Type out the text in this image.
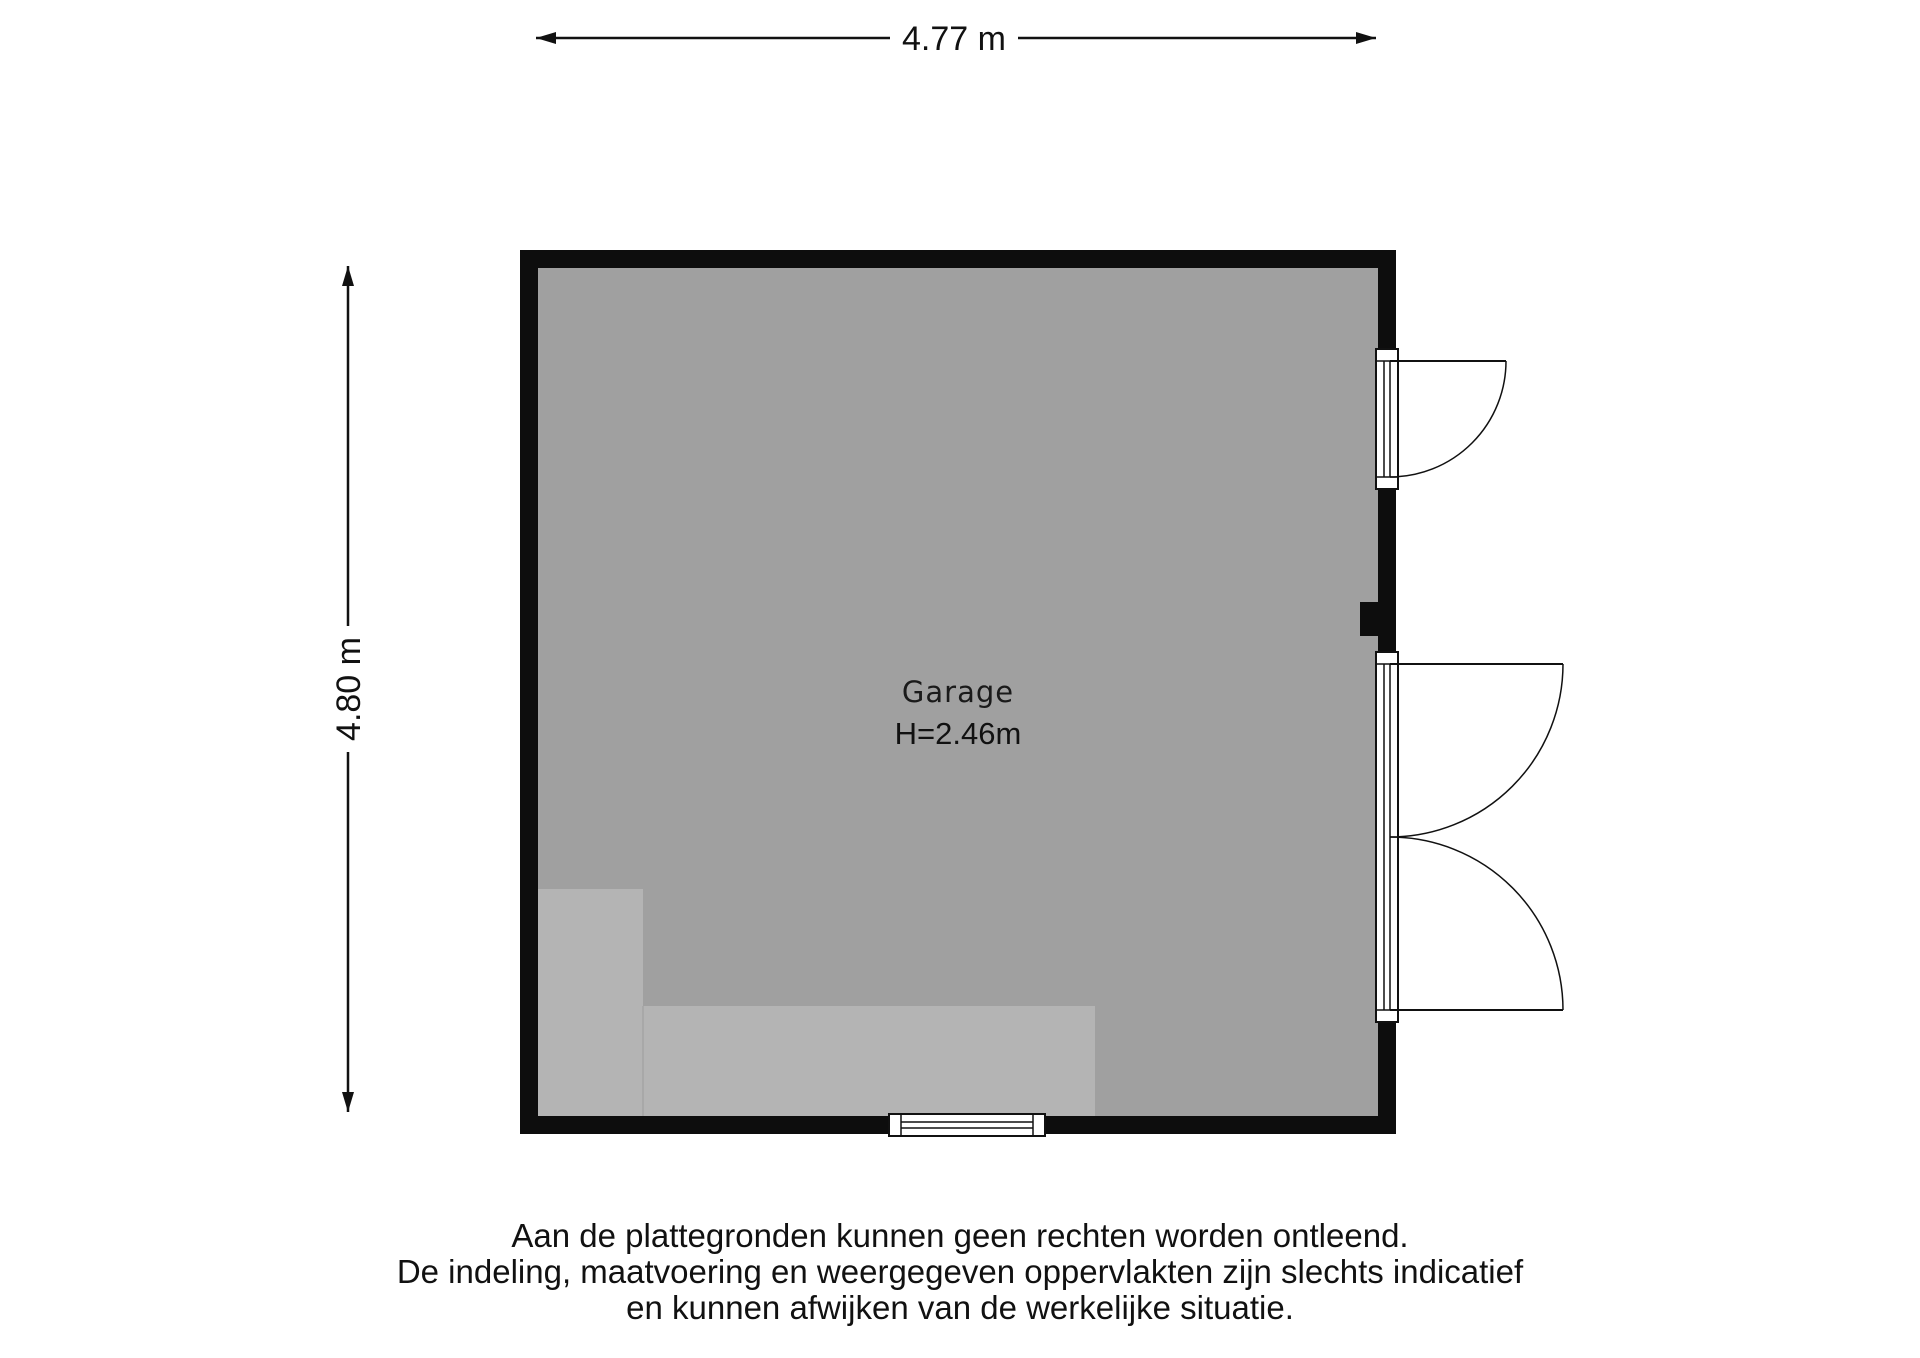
4.77 m
4.80 m	Garage
H=2.46m
Aan de plattegronden kunnen geen rechten worden ontleend.
De indeling, maatvoering en weergegeven oppervlakten zijn slechts indicatief
en kunnen afwijken van de werkelijke situatie.
